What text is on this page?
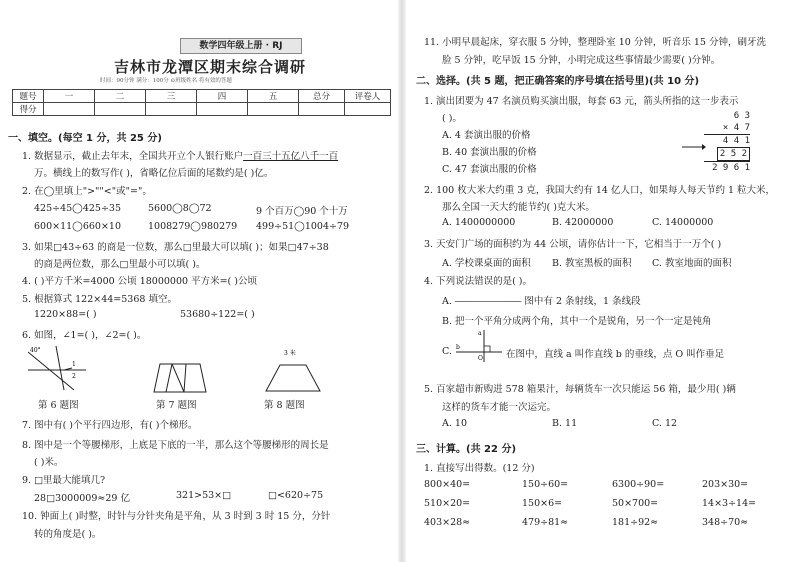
数学四年级上册 · RJ
吉林市龙潭区期末综合调研
时间：90分钟 满分：100分 ⊙班级姓名 将有效的答题
题号	一	二	三	四	五	总分	评卷人
得分							
一、填空。(每空 1 分，共 25 分)
1. 数据显示，截止去年末，全国共开立个人银行账户一百三十五亿八千一百
万。横线上的数写作( )，省略亿位后面的尾数约是( )亿。
2. 在◯里填上">""<"或"="。
425÷45◯425÷35	5600◯8◯72	9 个百万◯90 个十万
600×11◯660×10	1008279◯980279 499÷51◯1004÷79
3. 如果□43÷63 的商是一位数，那么□里最大可以填( )；如果□47÷38
的商是两位数，那么□里最小可以填( )。
4. ( )平方千米=4000 公顷 18000000 平方米=( )公顷
5. 根据算式 122×44=5368 填空。
1220×88=( )	53680÷122=( )
6. 如图，∠1=( )，∠2=( )。
1
2
40°	3 米
第 6 题图	第 7 题图	第 8 题图
7. 图中有( )个平行四边形，有( )个梯形。
8. 图中是一个等腰梯形，上底是下底的一半，那么这个等腰梯形的周长是
( )米。
9. □里最大能填几?
28□3000009≈29 亿	321>53×□	□<620÷75
10. 钟面上( )时整，时针与分针夹角是平角，从 3 时到 3 时 15 分，分针
转的角度是( )。
11. 小明早晨起床，穿衣服 5 分钟，整理卧室 10 分钟，听音乐 15 分钟，刷牙洗
脸 5 分钟，吃早饭 15 分钟，小明完成这些事情最少需要( )分钟。
二、选择。(共 5 题，把正确答案的序号填在括号里)(共 10 分)
1. 演出团要为 47 名演员购买演出服，每套 63 元，箭头所指的这一步表示
( )。
A. 4 套演出服的价格
B. 40 套演出服的价格
C. 47 套演出服的价格
6 3
× 4 7
4 4 1
2 5 2
2 9 6 1
2. 100 枚大米大约重 3 克，我国大约有 14 亿人口，如果每人每天节约 1 粒大米，
那么全国一天大约能节约( )克大米。
A. 1400000000	B. 42000000	C. 14000000
3. 天安门广场的面积约为 44 公顷，请你估计一下，它相当于一万个( )
A. 学校课桌面的面积 B. 教室黑板的面积 C. 教室地面的面积
4. 下列说法错误的是( )。
A. ――――――― 图中有 2 条射线，1 条线段
B. 把一个平角分成两个角，其中一个是锐角，另一个一定是钝角
C.
a
b
O 在图中，直线 a 叫作直线 b 的垂线，点 O 叫作垂足
5. 百家超市新购进 578 箱果汁，每辆货车一次只能运 56 箱，最少用( )辆
这样的货车才能一次运完。
A. 10	B. 11	C. 12
三、计算。(共 22 分)
1. 直接写出得数。(12 分)
800×40=	150÷60=	6300÷90=	203×30=
510×20=	150×6=	50×700=	14×3÷14=
403×28≈	479÷81≈	181÷92≈	348÷70≈
